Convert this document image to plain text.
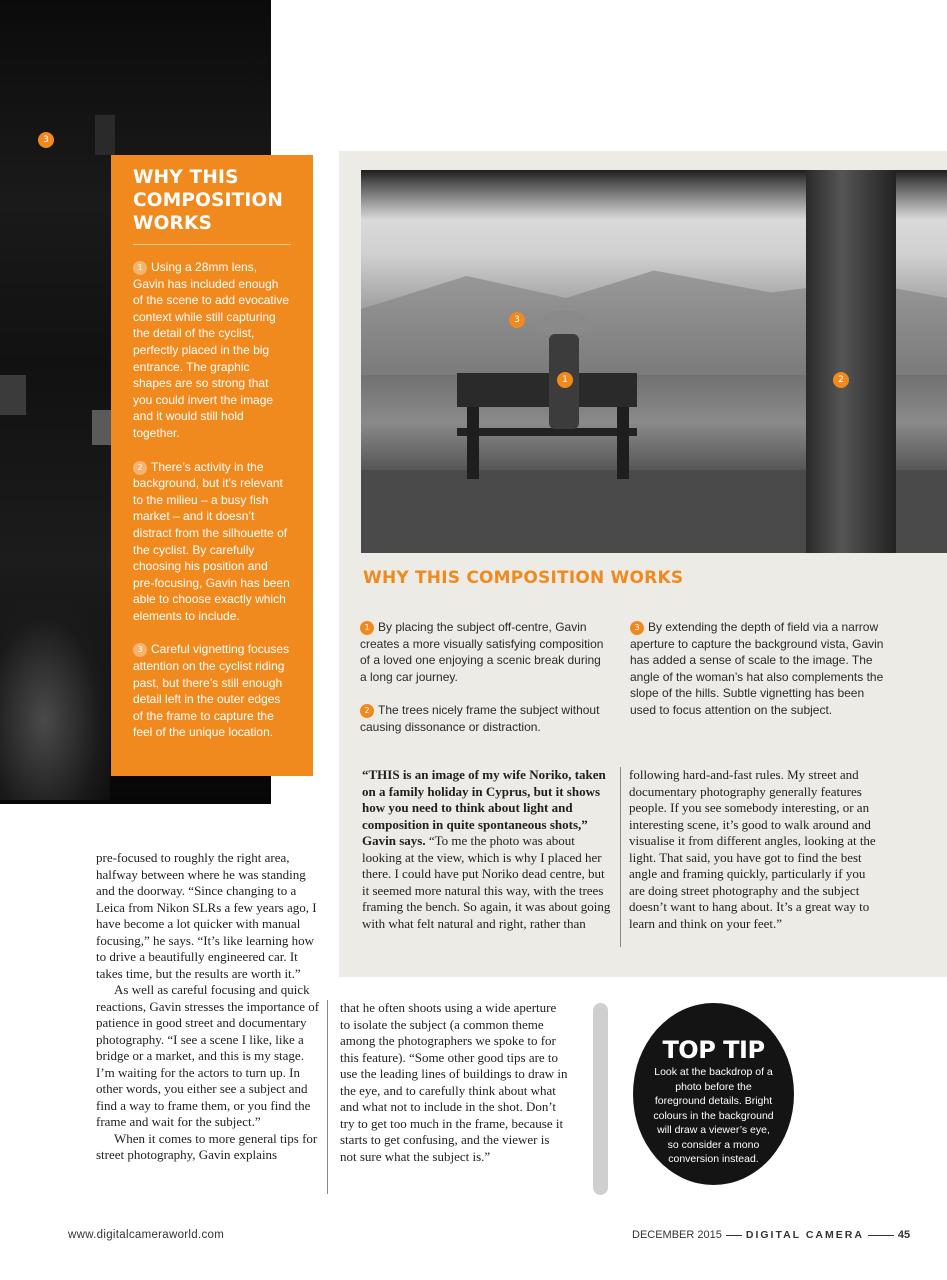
3
WHY THIS COMPOSITION WORKS

1 Using a 28mm lens, Gavin has included enough of the scene to add evocative context while still capturing the detail of the cyclist, perfectly placed in the big entrance. The graphic shapes are so strong that you could invert the image and it would still hold together.

2 There’s activity in the background, but it’s relevant to the milieu – a busy fish market – and it doesn’t distract from the silhouette of the cyclist. By carefully choosing his position and pre-focusing, Gavin has been able to choose exactly which elements to include.

3 Careful vignetting focuses attention on the cyclist riding past, but there’s still enough detail left in the outer edges of the frame to capture the feel of the unique location.

3
1	2
WHY THIS COMPOSITION WORKS

1 By placing the subject off-centre, Gavin creates a more visually satisfying composition of a loved one enjoying a scenic break during a long car journey.

2 The trees nicely frame the subject without causing dissonance or distraction.

3 By extending the depth of field via a narrow aperture to capture the background vista, Gavin has added a sense of scale to the image. The angle of the woman’s hat also complements the slope of the hills. Subtle vignetting has been used to focus attention on the subject.

“THIS is an image of my wife Noriko, taken on a family holiday in Cyprus, but it shows how you need to think about light and composition in quite spontaneous shots,” Gavin says. “To me the photo was about looking at the view, which is why I placed her there. I could have put Noriko dead centre, but it seemed more natural this way, with the trees framing the bench. So again, it was about going with what felt natural and right, rather than

following hard-and-fast rules. My street and documentary photography generally features people. If you see somebody interesting, or an interesting scene, it’s good to walk around and visualise it from different angles, looking at the light. That said, you have got to find the best angle and framing quickly, particularly if you are doing street photography and the subject doesn’t want to hang about. It’s a great way to learn and think on your feet.”

pre-focused to roughly the right area, halfway between where he was standing and the doorway. “Since changing to a Leica from Nikon SLRs a few years ago, I have become a lot quicker with manual focusing,” he says. “It’s like learning how to drive a beautifully engineered car. It takes time, but the results are worth it.”

As well as careful focusing and quick reactions, Gavin stresses the importance of patience in good street and documentary photography. “I see a scene I like, like a bridge or a market, and this is my stage. I’m waiting for the actors to turn up. In other words, you either see a subject and find a way to frame them, or you find the frame and wait for the subject.”

When it comes to more general tips for street photography, Gavin explains

that he often shoots using a wide aperture to isolate the subject (a common theme among the photographers we spoke to for this feature). “Some other good tips are to use the leading lines of buildings to draw in the eye, and to carefully think about what and what not to include in the shot. Don’t try to get too much in the frame, because it starts to get confusing, and the viewer is not sure what the subject is.”

TOP TIP

Look at the backdrop of a photo before the foreground details. Bright colours in the background will draw a viewer’s eye, so consider a mono conversion instead.

www.digitalcameraworld.com	DECEMBER 2015 DIGITAL CAMERA	45
